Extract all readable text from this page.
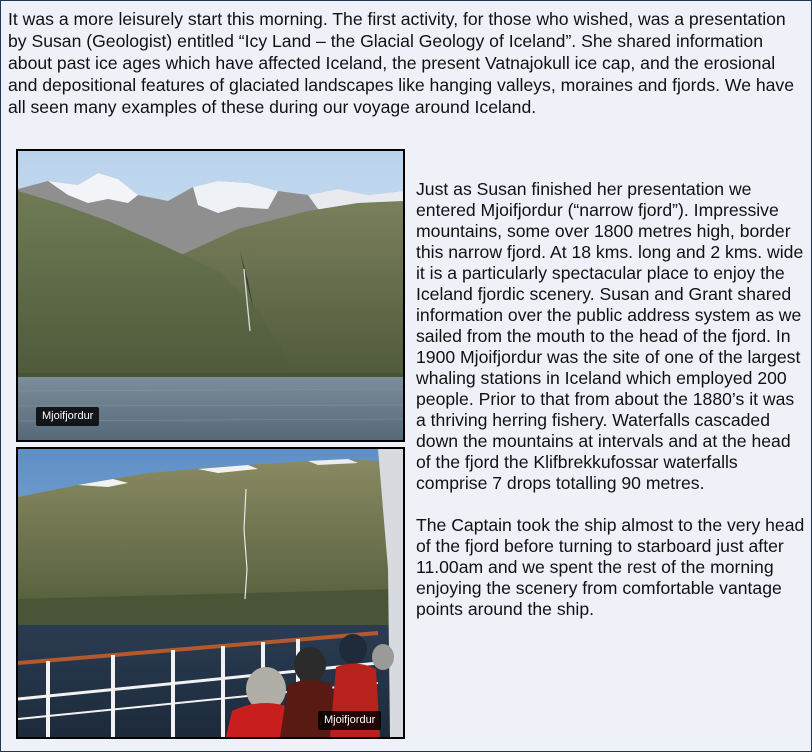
It was a more leisurely start this morning. The first activity, for those who wished, was a presentation by Susan (Geologist) entitled “Icy Land – the Glacial Geology of Iceland”. She shared information about past ice ages which have affected Iceland, the present Vatnajokull ice cap, and the erosional and depositional features of glaciated landscapes like hanging valleys, moraines and fjords. We have all seen many examples of these during our voyage around Iceland.

Mjoifjordur
Mjoifjordur

Just as Susan finished her presentation we entered Mjoifjordur (“narrow fjord”). Impressive mountains, some over 1800 metres high, border this narrow fjord. At 18 kms. long and 2 kms. wide it is a particularly spectacular place to enjoy the Iceland fjordic scenery. Susan and Grant shared information over the public address system as we sailed from the mouth to the head of the fjord. In 1900 Mjoifjordur was the site of one of the largest whaling stations in Iceland which employed 200 people. Prior to that from about the 1880’s it was a thriving herring fishery. Waterfalls cascaded down the mountains at intervals and at the head of the fjord the Klifbrekkufossar waterfalls comprise 7 drops totalling 90 metres.

The Captain took the ship almost to the very head of the fjord before turning to starboard just after 11.00am and we spent the rest of the morning enjoying the scenery from comfortable vantage points around the ship.
